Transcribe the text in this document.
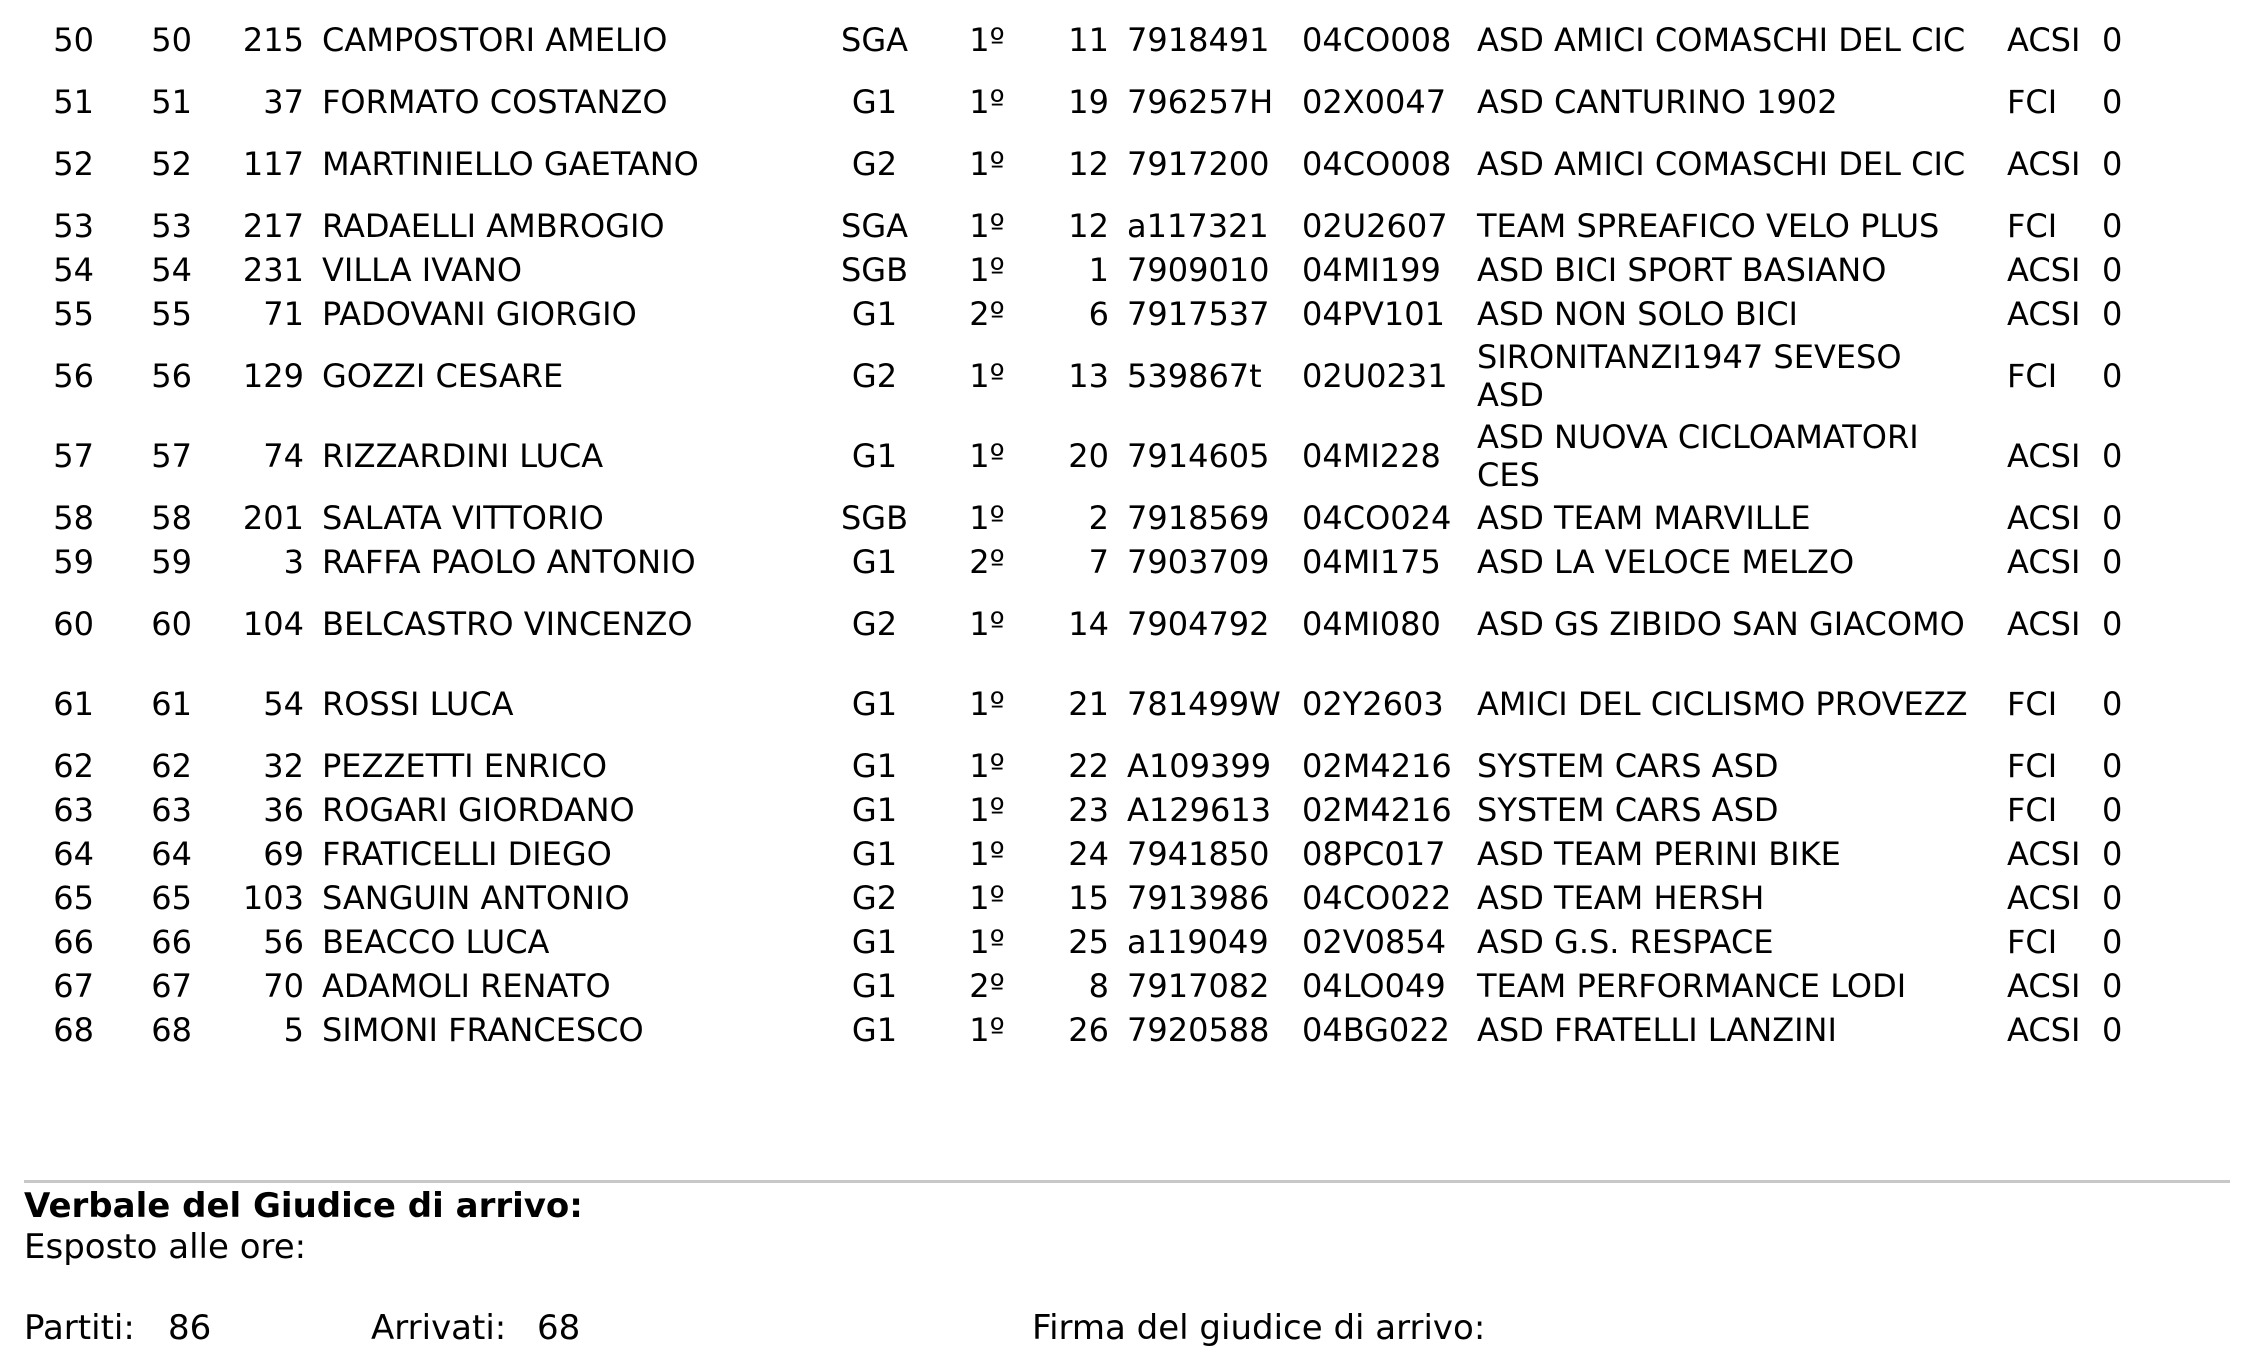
50	50	215	CAMPOSTORI AMELIO	SGA	1º	11	7918491	04CO008	ASD AMICI COMASCHI DEL CIC	ACSI	0
51	51	37	FORMATO COSTANZO	G1	1º	19	796257H	02X0047	ASD CANTURINO 1902	FCI	0
52	52	117	MARTINIELLO GAETANO	G2	1º	12	7917200	04CO008	ASD AMICI COMASCHI DEL CIC	ACSI	0
53	53	217	RADAELLI AMBROGIO	SGA	1º	12	a117321	02U2607	TEAM SPREAFICO VELO PLUS	FCI	0
54	54	231	VILLA IVANO	SGB	1º	1	7909010	04MI199	ASD BICI SPORT BASIANO	ACSI	0
55	55	71	PADOVANI GIORGIO	G1	2º	6	7917537	04PV101	ASD NON SOLO BICI	ACSI	0
56	56	129	GOZZI CESARE	G2	1º	13	539867t	02U0231	SIRONITANZI1947 SEVESO ASD	FCI	0
57	57	74	RIZZARDINI LUCA	G1	1º	20	7914605	04MI228	ASD NUOVA CICLOAMATORI CES	ACSI	0
58	58	201	SALATA VITTORIO	SGB	1º	2	7918569	04CO024	ASD TEAM MARVILLE	ACSI	0
59	59	3	RAFFA PAOLO ANTONIO	G1	2º	7	7903709	04MI175	ASD LA VELOCE MELZO	ACSI	0
60	60	104	BELCASTRO VINCENZO	G2	1º	14	7904792	04MI080	ASD GS ZIBIDO SAN GIACOMO	ACSI	0
61	61	54	ROSSI LUCA	G1	1º	21	781499W	02Y2603	AMICI DEL CICLISMO PROVEZZ	FCI	0
62	62	32	PEZZETTI ENRICO	G1	1º	22	A109399	02M4216	SYSTEM CARS ASD	FCI	0
63	63	36	ROGARI GIORDANO	G1	1º	23	A129613	02M4216	SYSTEM CARS ASD	FCI	0
64	64	69	FRATICELLI DIEGO	G1	1º	24	7941850	08PC017	ASD TEAM PERINI BIKE	ACSI	0
65	65	103	SANGUIN ANTONIO	G2	1º	15	7913986	04CO022	ASD TEAM HERSH	ACSI	0
66	66	56	BEACCO LUCA	G1	1º	25	a119049	02V0854	ASD G.S. RESPACE	FCI	0
67	67	70	ADAMOLI RENATO	G1	2º	8	7917082	04LO049	TEAM PERFORMANCE LODI	ACSI	0
68	68	5	SIMONI FRANCESCO	G1	1º	26	7920588	04BG022	ASD FRATELLI LANZINI	ACSI	0
Verbale del Giudice di arrivo:
Esposto alle ore:
Partiti: 86	Arrivati: 68	Firma del giudice di arrivo:
